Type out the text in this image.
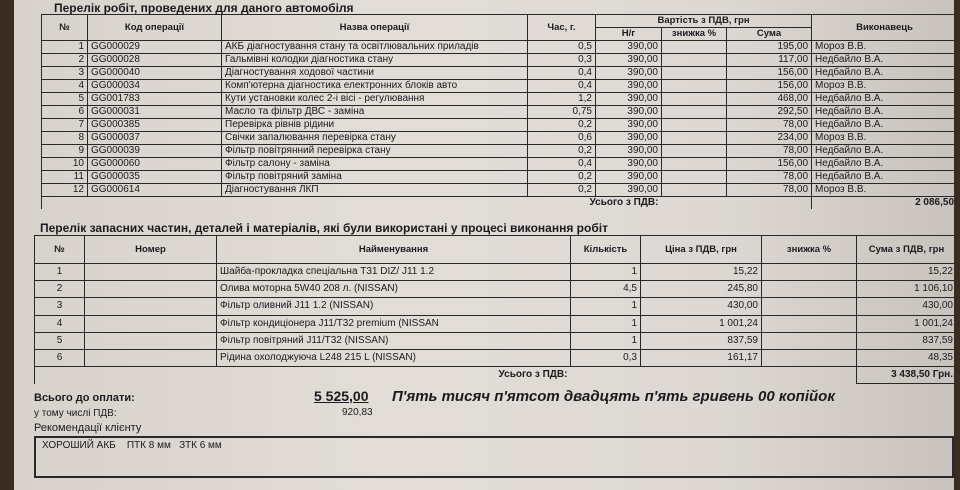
Перелік робіт, проведених для даного автомобіля
№	Код операції	Назва операції	Час, г.	Вартість з ПДВ, грн			Виконавець
				Н/г	знижка %	Сума	
1	GG000029	АКБ діагностування стану та освітлювальних приладів	0,5	390,00		195,00	Мороз В.В.
2	GG000028	Гальмівні колодки діагностика стану	0,3	390,00		117,00	Недбайло В.А.
3	GG000040	Діагностування ходової частини	0,4	390,00		156,00	Недбайло В.А.
4	GG000034	Комп'ютерна діагностика електронних блоків авто	0,4	390,00		156,00	Мороз В.В.
5	GG001783	Кути установки колес 2-і вісі - регулювання	1,2	390,00		468,00	Недбайло В.А.
6	GG000031	Масло та фільтр ДВС - заміна	0,75	390,00		292,50	Недбайло В.А.
7	GG000385	Перевірка рівнів рідини	0,2	390,00		78,00	Недбайло В.А.
8	GG000037	Свічки запалювання перевірка стану	0,6	390,00		234,00	Мороз В.В.
9	GG000039	Фільтр повітрянний перевірка стану	0,2	390,00		78,00	Недбайло В.А.
10	GG000060	Фільтр салону - заміна	0,4	390,00		156,00	Недбайло В.А.
11	GG000035	Фільтр повітряний заміна	0,2	390,00		78,00	Недбайло В.А.
12	GG000614	Діагностування ЛКП	0,2	390,00		78,00	Мороз В.В.
Усього з ПДВ:							2 086,50
Перелік запасних частин, деталей і матеріалів, які були використані у процесі виконання робіт
№	Номер	Найменування	Кількість	Ціна з ПДВ, грн	знижка %	Сума з ПДВ, грн
1		Шайба-прокладка спеціальна T31 DIZ/ J11 1.2	1	15,22		15,22
2		Олива моторна 5W40 208 л. (NISSAN)	4,5	245,80		1 106,10
3		Фільтр оливний J11 1.2 (NISSAN)	1	430,00		430,00
4		Фільтр кондиціонера J11/T32 premium (NISSAN	1	1 001,24		1 001,24
5		Фільтр повітряний J11/T32 (NISSAN)	1	837,59		837,59
6		Рідина охолоджуюча L248 215 L (NISSAN)	0,3	161,17		48,35
Усього з ПДВ:						3 438,50 Грн.
Всього до оплати:	5 525,00 П'ять тисяч п'ятсот двадцять п'ять гривень 00 копійок
у тому числі ПДВ:	920,83
Рекомендації клієнту
ХОРОШИЙ АКБ    ПТК 8 мм   ЗТК 6 мм
